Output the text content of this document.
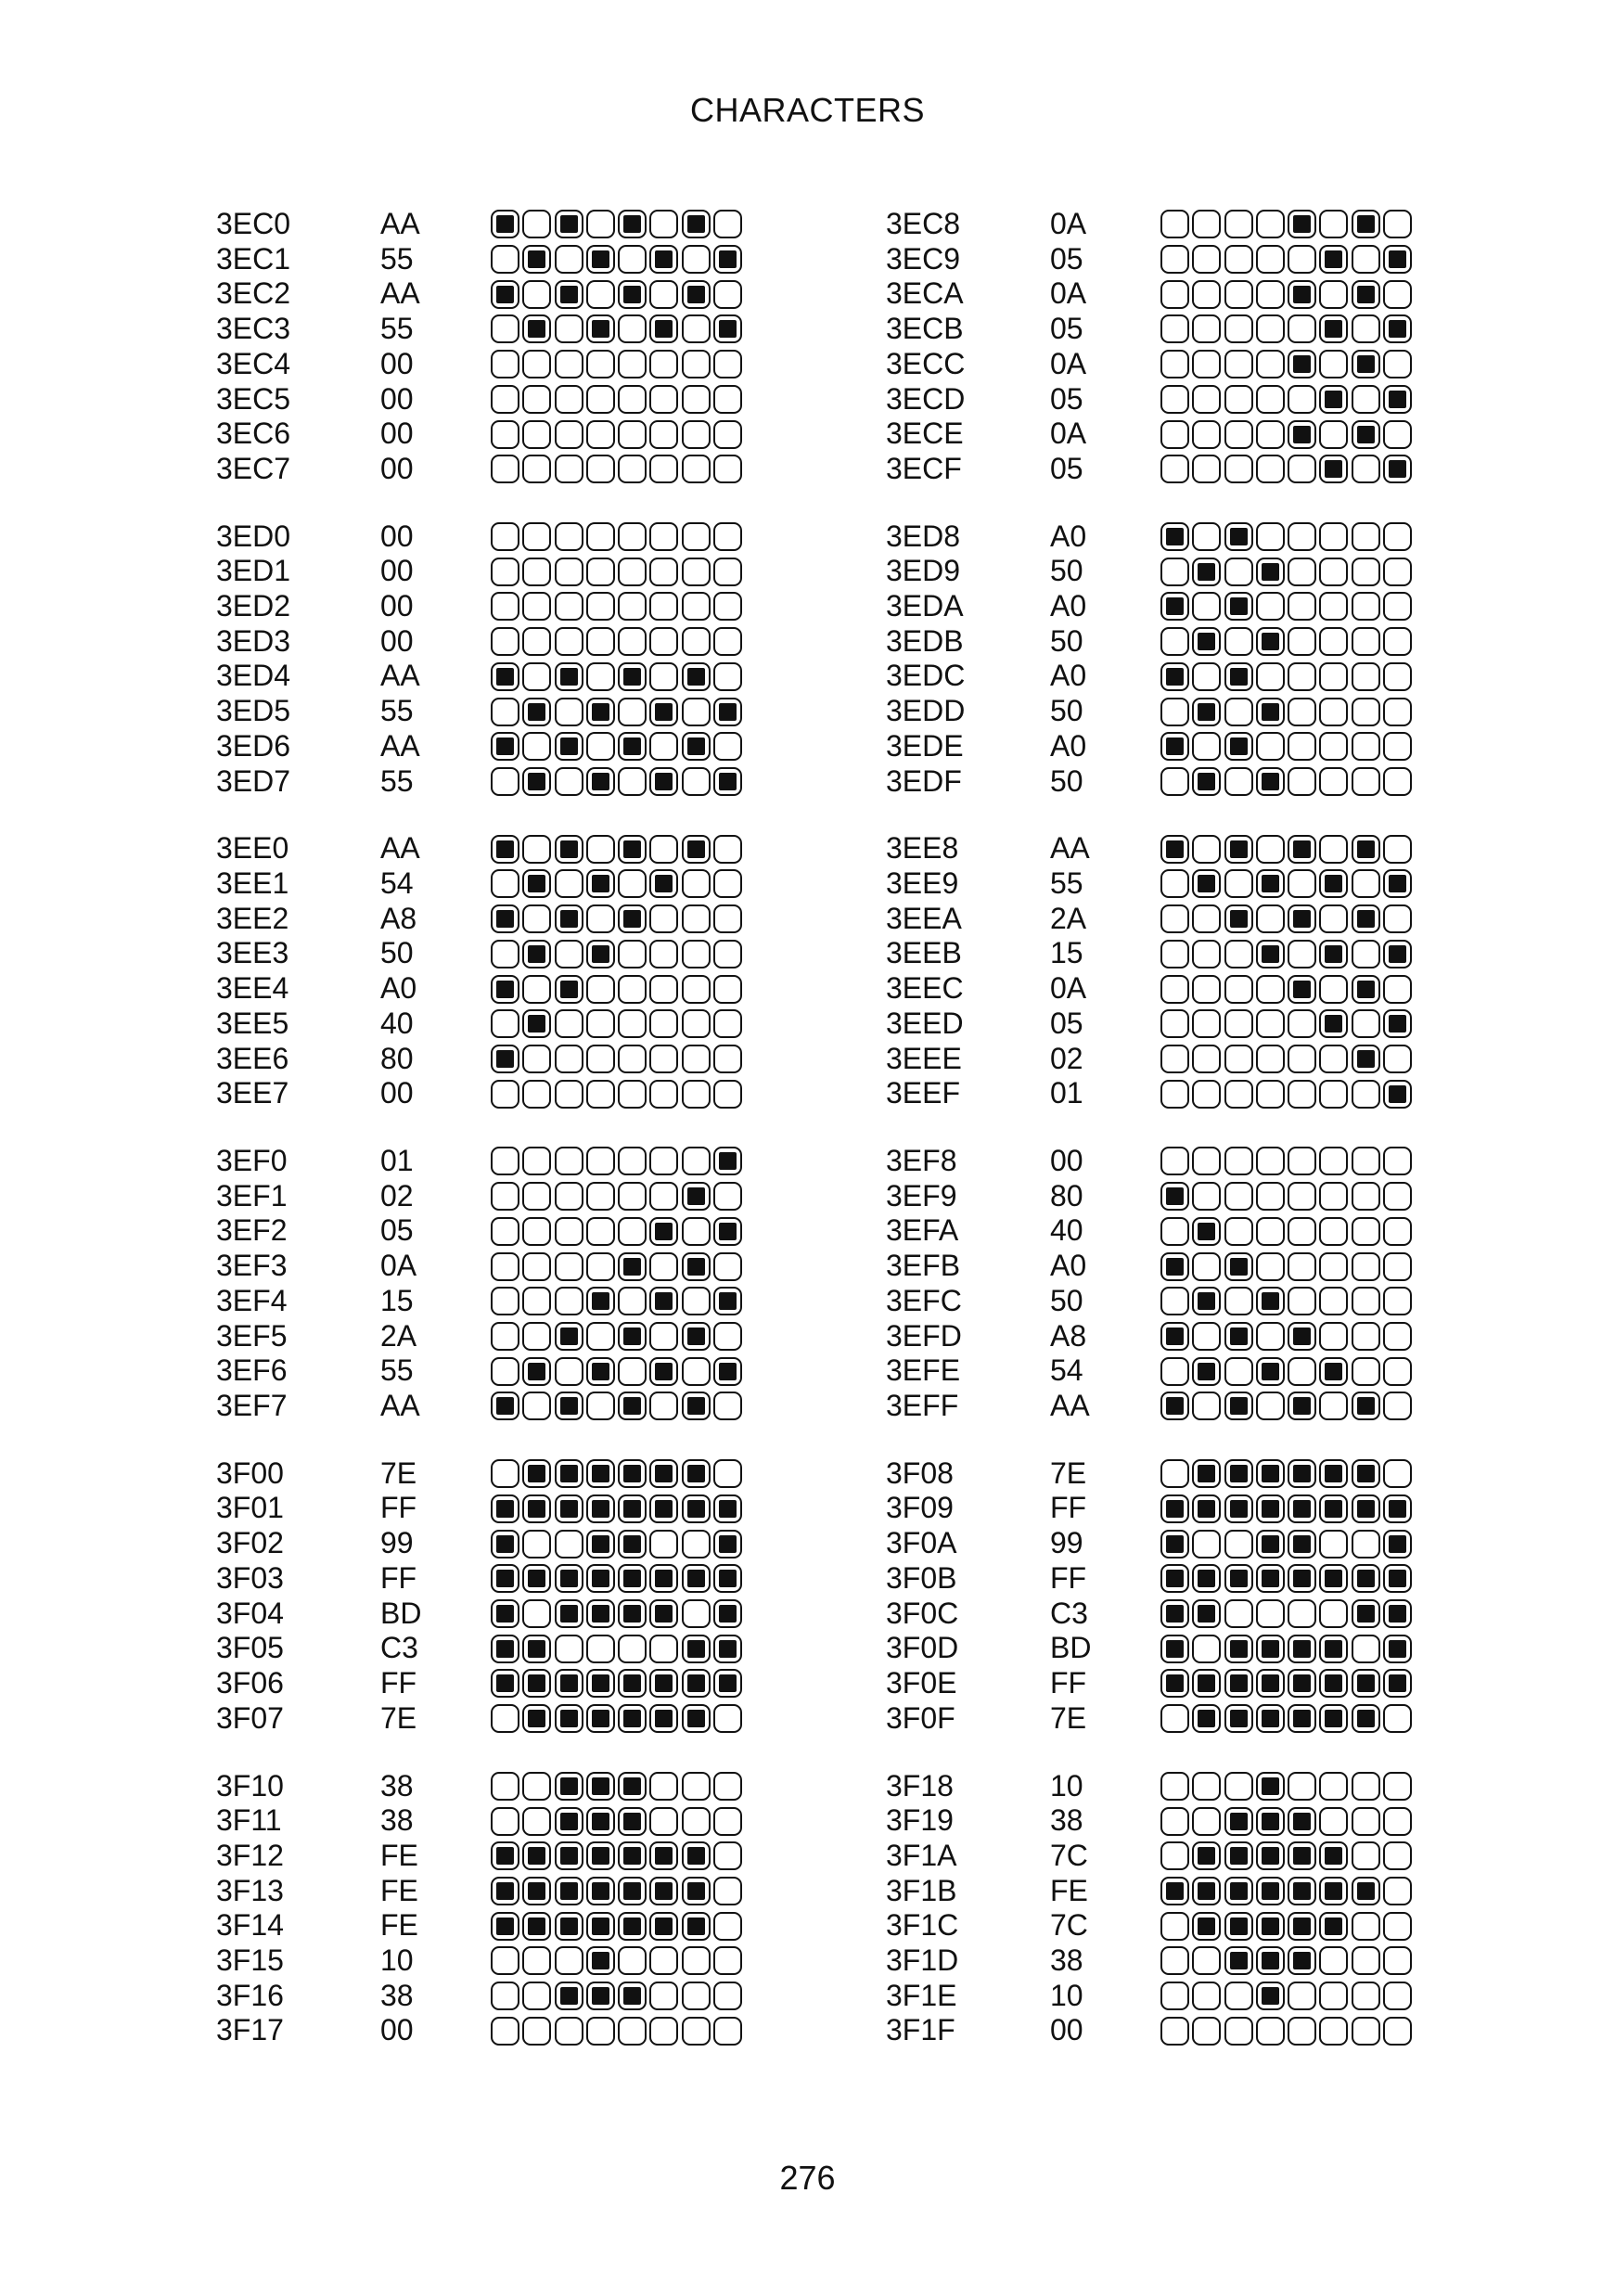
CHARACTERS
3EC0	AA
3EC1	55
3EC2	AA
3EC3	55
3EC4	00
3EC5	00
3EC6	00
3EC7	00
3EC8	0A
3EC9	05
3ECA	0A
3ECB	05
3ECC	0A
3ECD	05
3ECE	0A
3ECF	05
3ED0	00
3ED1	00
3ED2	00
3ED3	00
3ED4	AA
3ED5	55
3ED6	AA
3ED7	55
3ED8	A0
3ED9	50
3EDA	A0
3EDB	50
3EDC	A0
3EDD	50
3EDE	A0
3EDF	50
3EE0	AA
3EE1	54
3EE2	A8
3EE3	50
3EE4	A0
3EE5	40
3EE6	80
3EE7	00
3EE8	AA
3EE9	55
3EEA	2A
3EEB	15
3EEC	0A
3EED	05
3EEE	02
3EEF	01
3EF0	01
3EF1	02
3EF2	05
3EF3	0A
3EF4	15
3EF5	2A
3EF6	55
3EF7	AA
3EF8	00
3EF9	80
3EFA	40
3EFB	A0
3EFC	50
3EFD	A8
3EFE	54
3EFF	AA
3F00	7E
3F01	FF
3F02	99
3F03	FF
3F04	BD
3F05	C3
3F06	FF
3F07	7E
3F08	7E
3F09	FF
3F0A	99
3F0B	FF
3F0C	C3
3F0D	BD
3F0E	FF
3F0F	7E
3F10	38
3F11	38
3F12	FE
3F13	FE
3F14	FE
3F15	10
3F16	38
3F17	00
3F18	10
3F19	38
3F1A	7C
3F1B	FE
3F1C	7C
3F1D	38
3F1E	10
3F1F	00
276
